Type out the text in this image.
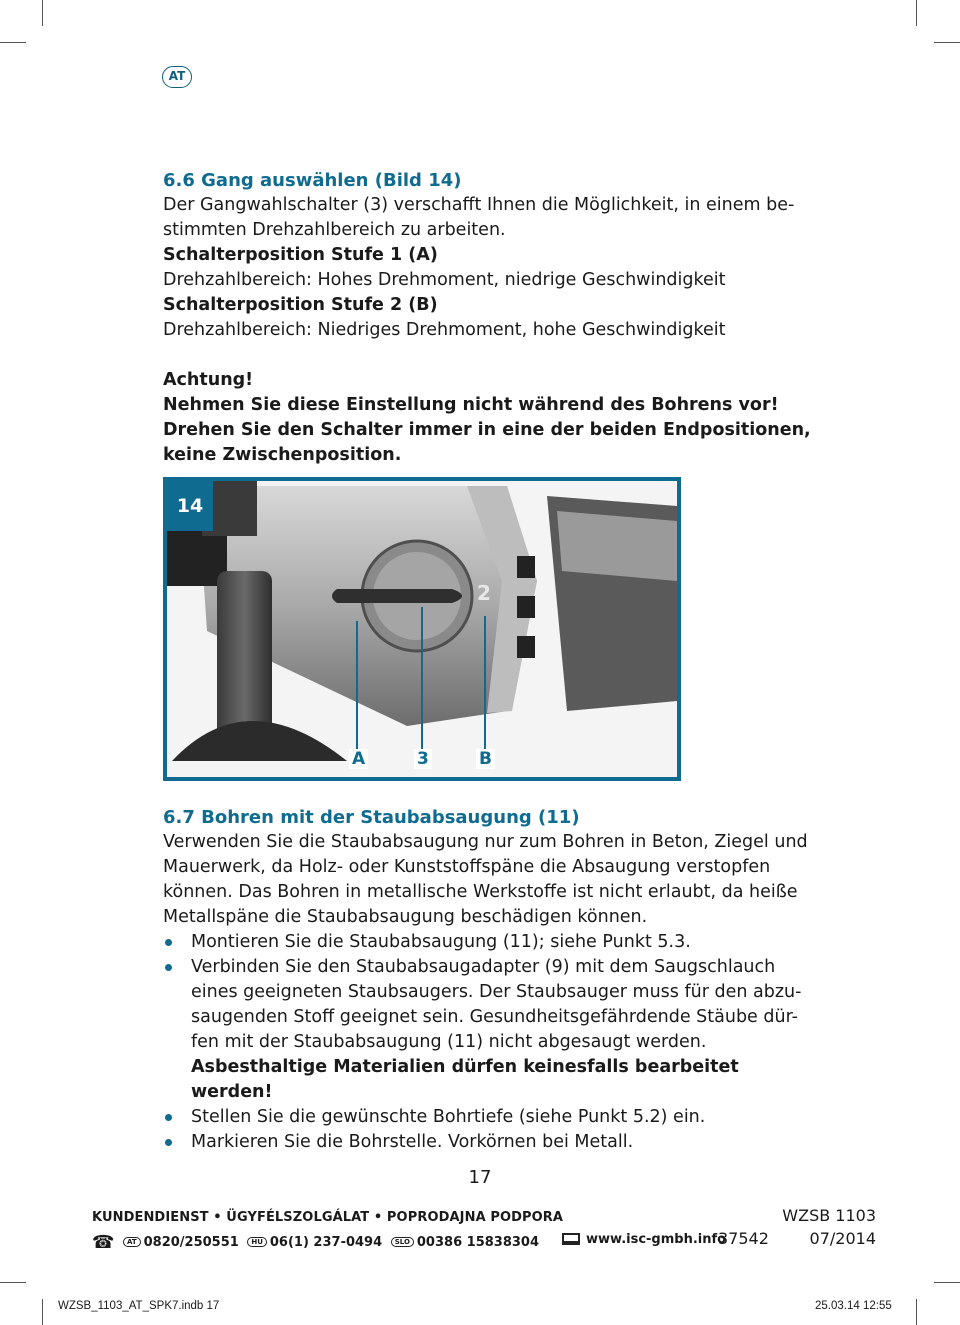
AT

6.6 Gang auswählen (Bild 14)

Der Gangwahlschalter (3) verschafft Ihnen die Möglichkeit, in einem be-

stimmten Drehzahlbereich zu arbeiten.

Schalterposition Stufe 1 (A)

Drehzahlbereich: Hohes Drehmoment, niedrige Geschwindigkeit

Schalterposition Stufe 2 (B)

Drehzahlbereich: Niedriges Drehmoment, hohe Geschwindigkeit

Achtung!

Nehmen Sie diese Einstellung nicht während des Bohrens vor!

Drehen Sie den Schalter immer in eine der beiden Endpositionen,

keine Zwischenposition.

14
2
A	3	B

6.7 Bohren mit der Staubabsaugung (11)

Verwenden Sie die Staubabsaugung nur zum Bohren in Beton, Ziegel und

Mauerwerk, da Holz- oder Kunststoffspäne die Absaugung verstopfen

können. Das Bohren in metallische Werkstoffe ist nicht erlaubt, da heiße

Metallspäne die Staubabsaugung beschädigen können.

Montieren Sie die Staubabsaugung (11); siehe Punkt 5.3.
Verbinden Sie den Staubabsaugadapter (9) mit dem Saugschlauch
eines geeigneten Staubsaugers. Der Staubsauger muss für den abzu-
saugenden Stoff geeignet sein. Gesundheitsgefährdende Stäube dür-
fen mit der Staubabsaugung (11) nicht abgesaugt werden.
Asbesthaltige Materialien dürfen keinesfalls bearbeitet werden!
Stellen Sie die gewünschte Bohrtiefe (siehe Punkt 5.2) ein.
Markieren Sie die Bohrstelle. Vorkörnen bei Metall.
17
KUNDENDIENST • ÜGYFÉLSZOLGÁLAT • POPRODAJNA PODPORA
☎ AT 0820/250551 HU 06(1) 237-0494 SLO 00386 15838304	www.isc-gmbh.info
37542
WZSB 1103
07/2014
WZSB_1103_AT_SPK7.indb 17	25.03.14 12:55
